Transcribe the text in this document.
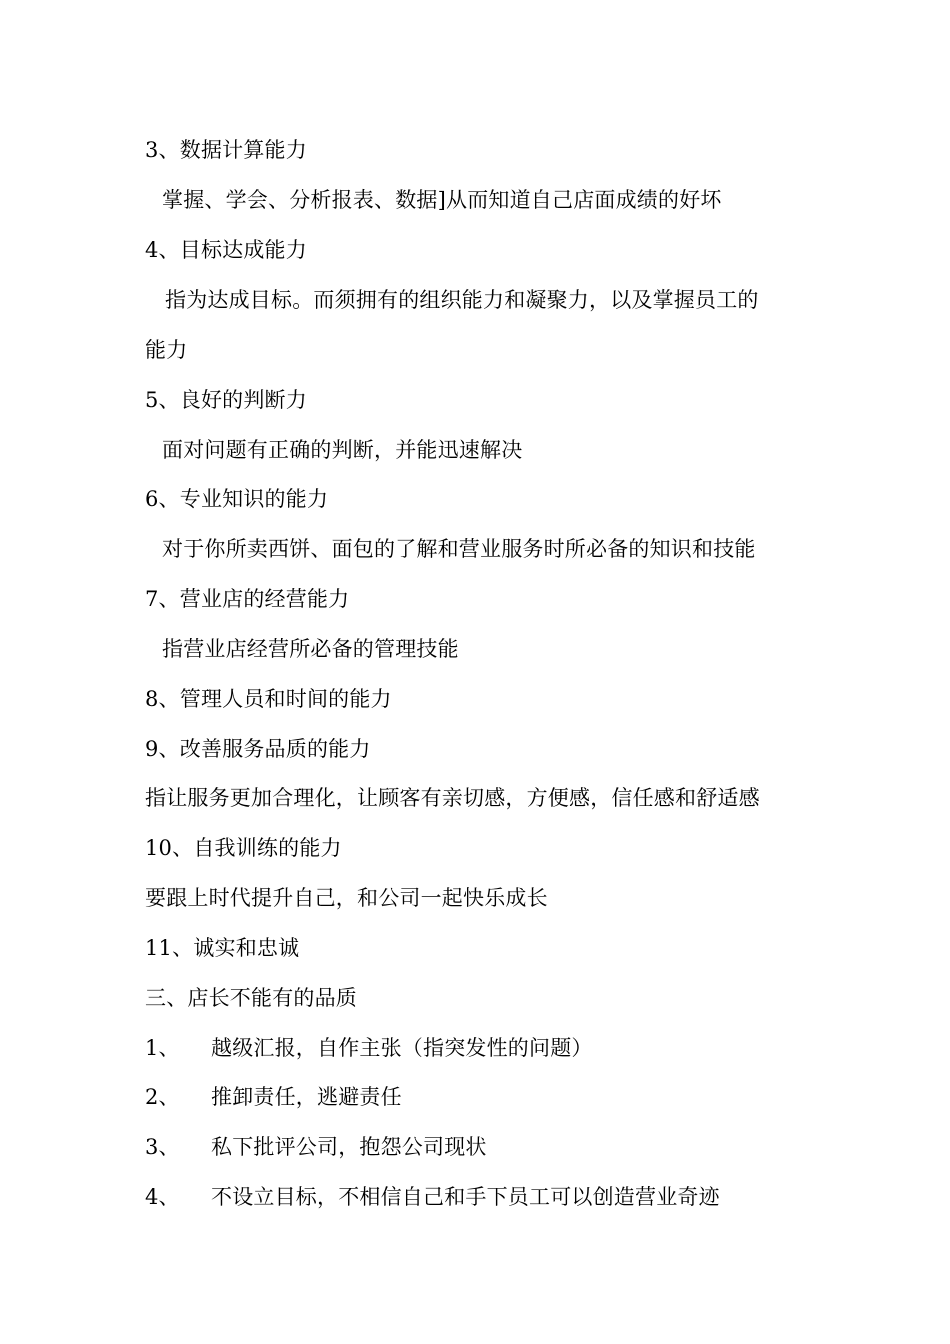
3、数据计算能力
掌握、学会、分析报表、数据]从而知道自己店面成绩的好坏
4、目标达成能力
指为达成目标。而须拥有的组织能力和凝聚力，以及掌握员工的
能力
5、良好的判断力
面对问题有正确的判断，并能迅速解决
6、专业知识的能力
对于你所卖西饼、面包的了解和营业服务时所必备的知识和技能
7、营业店的经营能力
指营业店经营所必备的管理技能
8、管理人员和时间的能力
9、改善服务品质的能力
指让服务更加合理化，让顾客有亲切感，方便感，信任感和舒适感
10、自我训练的能力
要跟上时代提升自己，和公司一起快乐成长
11、诚实和忠诚
三、店长不能有的品质
1、 越级汇报，自作主张（指突发性的问题）
2、 推卸责任，逃避责任
3、 私下批评公司，抱怨公司现状
4、 不设立目标，不相信自己和手下员工可以创造营业奇迹
